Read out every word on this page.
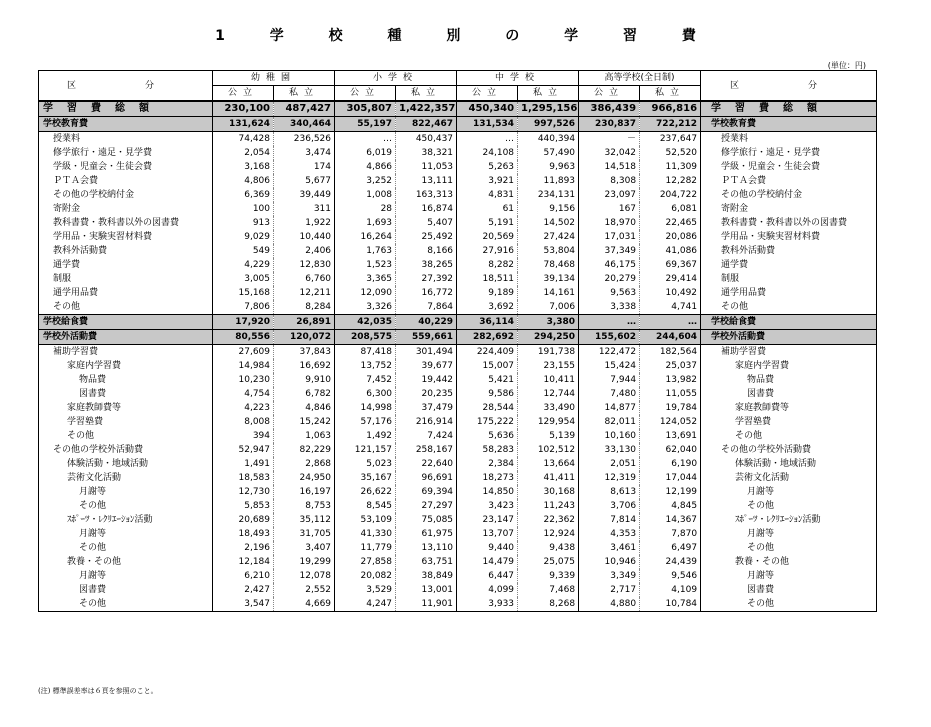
1 学 校 種 別 の 学 習 費
(単位：円)
区　分	幼稚園		小学校		中学校		高等学校(全日制)		区　分
	公立	私立	公立	私立	公立	私立	公立	私立	
学習費総額	230,100	487,427	305,807	1,422,357	450,340	1,295,156	386,439	966,816	学習費総額
学校教育費	131,624	340,464	55,197	822,467	131,534	997,526	230,837	722,212	学校教育費
授業料	74,428	236,526	…	450,437	…	440,394	－	237,647	授業料
修学旅行・遠足・見学費	2,054	3,474	6,019	38,321	24,108	57,490	32,042	52,520	修学旅行・遠足・見学費
学級・児童会・生徒会費	3,168	174	4,866	11,053	5,263	9,963	14,518	11,309	学級・児童会・生徒会費
ＰＴＡ会費	4,806	5,677	3,252	13,111	3,921	11,893	8,308	12,282	ＰＴＡ会費
その他の学校納付金	6,369	39,449	1,008	163,313	4,831	234,131	23,097	204,722	その他の学校納付金
寄附金	100	311	28	16,874	61	9,156	167	6,081	寄附金
教科書費・教科書以外の図書費	913	1,922	1,693	5,407	5,191	14,502	18,970	22,465	教科書費・教科書以外の図書費
学用品・実験実習材料費	9,029	10,440	16,264	25,492	20,569	27,424	17,031	20,086	学用品・実験実習材料費
教科外活動費	549	2,406	1,763	8,166	27,916	53,804	37,349	41,086	教科外活動費
通学費	4,229	12,830	1,523	38,265	8,282	78,468	46,175	69,367	通学費
制服	3,005	6,760	3,365	27,392	18,511	39,134	20,279	29,414	制服
通学用品費	15,168	12,211	12,090	16,772	9,189	14,161	9,563	10,492	通学用品費
その他	7,806	8,284	3,326	7,864	3,692	7,006	3,338	4,741	その他
学校給食費	17,920	26,891	42,035	40,229	36,114	3,380	…	…	学校給食費
学校外活動費	80,556	120,072	208,575	559,661	282,692	294,250	155,602	244,604	学校外活動費
補助学習費	27,609	37,843	87,418	301,494	224,409	191,738	122,472	182,564	補助学習費
家庭内学習費	14,984	16,692	13,752	39,677	15,007	23,155	15,424	25,037	家庭内学習費
物品費	10,230	9,910	7,452	19,442	5,421	10,411	7,944	13,982	物品費
図書費	4,754	6,782	6,300	20,235	9,586	12,744	7,480	11,055	図書費
家庭教師費等	4,223	4,846	14,998	37,479	28,544	33,490	14,877	19,784	家庭教師費等
学習塾費	8,008	15,242	57,176	216,914	175,222	129,954	82,011	124,052	学習塾費
その他	394	1,063	1,492	7,424	5,636	5,139	10,160	13,691	その他
その他の学校外活動費	52,947	82,229	121,157	258,167	58,283	102,512	33,130	62,040	その他の学校外活動費
体験活動・地域活動	1,491	2,868	5,023	22,640	2,384	13,664	2,051	6,190	体験活動・地域活動
芸術文化活動	18,583	24,950	35,167	96,691	18,273	41,411	12,319	17,044	芸術文化活動
月謝等	12,730	16,197	26,622	69,394	14,850	30,168	8,613	12,199	月謝等
その他	5,853	8,753	8,545	27,297	3,423	11,243	3,706	4,845	その他
ｽﾎﾟｰﾂ・ﾚｸﾘｴｰｼｮﾝ活動	20,689	35,112	53,109	75,085	23,147	22,362	7,814	14,367	ｽﾎﾟｰﾂ・ﾚｸﾘｴｰｼｮﾝ活動
月謝等	18,493	31,705	41,330	61,975	13,707	12,924	4,353	7,870	月謝等
その他	2,196	3,407	11,779	13,110	9,440	9,438	3,461	6,497	その他
教養・その他	12,184	19,299	27,858	63,751	14,479	25,075	10,946	24,439	教養・その他
月謝等	6,210	12,078	20,082	38,849	6,447	9,339	3,349	9,546	月謝等
図書費	2,427	2,552	3,529	13,001	4,099	7,468	2,717	4,109	図書費
その他	3,547	4,669	4,247	11,901	3,933	8,268	4,880	10,784	その他
(注) 標準誤差率は６頁を参照のこと。
